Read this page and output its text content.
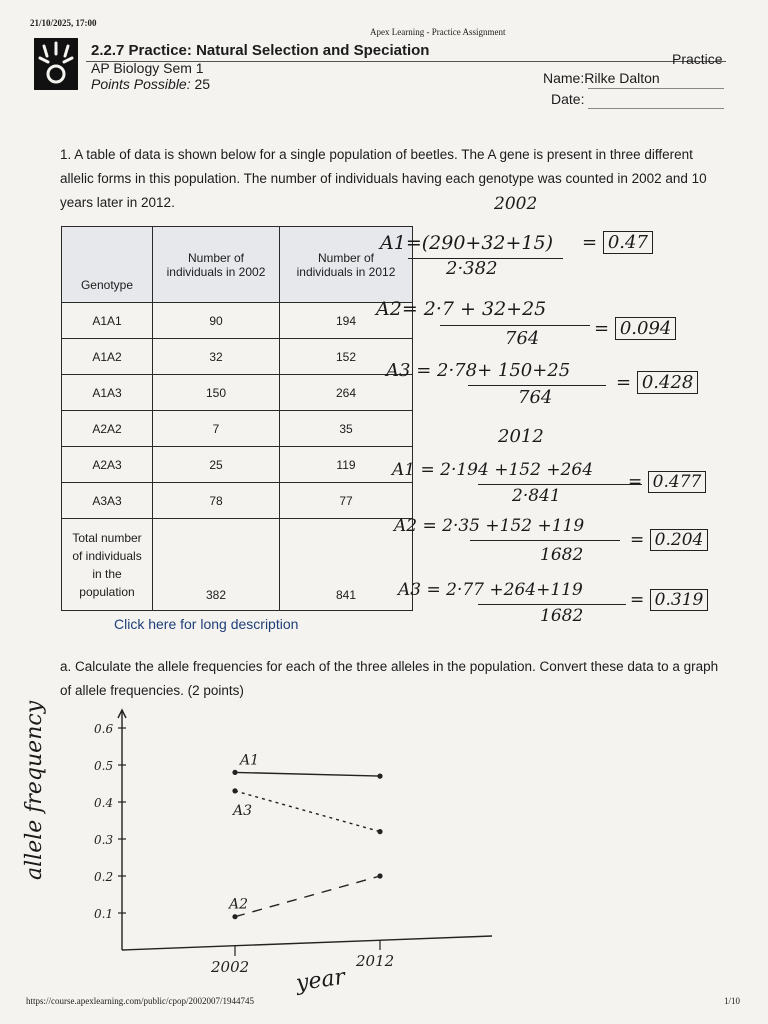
21/10/2025, 17:00
Apex Learning - Practice Assignment
2.2.7 Practice: Natural Selection and Speciation
AP Biology Sem 1
Points Possible: 25
Practice
Name:Rilke Dalton
Date:
1. A table of data is shown below for a single population of beetles. The A gene is present in three different allelic forms in this population. The number of individuals having each genotype was counted in 2002 and 10 years later in 2012.
Genotype	Number of individuals in 2002	Number of individuals in 2012
A1A1	90	194
A1A2	32	152
A1A3	150	264
A2A2	7	35
A2A3	25	119
A3A3	78	77
Total number of individuals in the population	382	841
Click here for long description
2002
A1=(290+32+15)
2·382
= 0.47
A2= 2·7 + 32+25
764	= 0.094
A3 = 2·78+ 150+25
764
= 0.428
2012
A1 = 2·194 +152 +264
2·841
= 0.477
A2 = 2·35 +152 +119
1682
= 0.204
A3 = 2·77 +264+119
1682
= 0.319
a. Calculate the allele frequencies for each of the three alleles in the population. Convert these data to a graph of allele frequencies. (2 points)
0.1
0.2
0.3
0.4
0.5
0.6
2002	2012
A1
A3
A2
allele frequency
year
https://course.apexlearning.com/public/cpop/2002007/1944745	1/10
